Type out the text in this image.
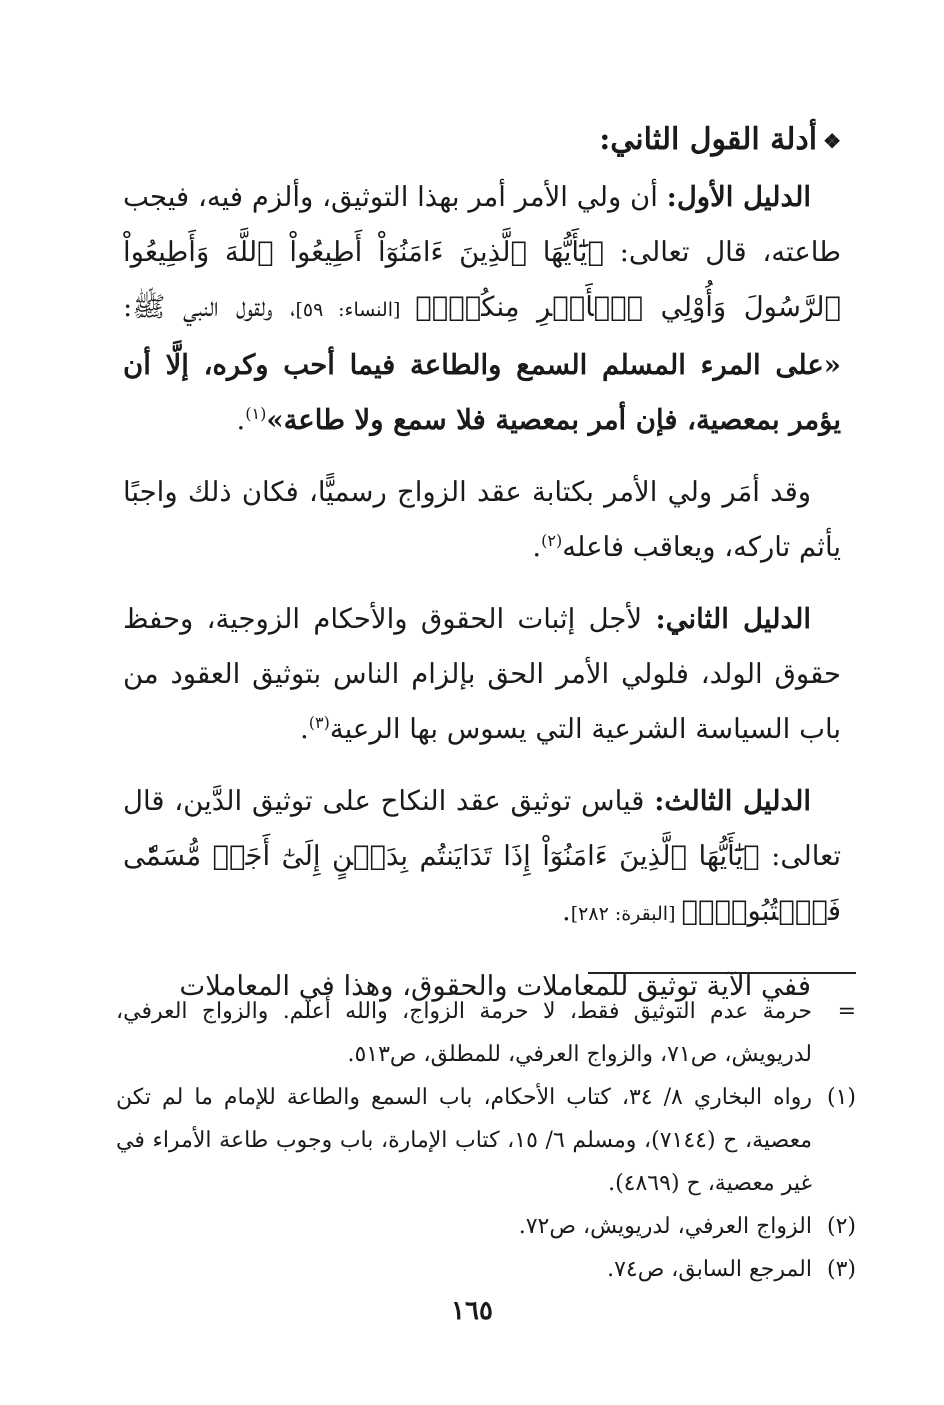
❖أدلة القول الثاني:

الدليل الأول: أن ولي الأمر أمر بهذا التوثيق، وألزم فيه، فيجب طاعته، قال تعالى: ﴿يَٰٓأَيُّهَا ٱلَّذِينَ ءَامَنُوٓاْ أَطِيعُواْ ٱللَّهَ وَأَطِيعُواْ ٱلرَّسُولَ وَأُوْلِي ٱلۡأَمۡرِ مِنكُمۡۖ﴾ [النساء: ٥٩]، ولقول النبي ﷺ: «على المرء المسلم السمع والطاعة فيما أحب وكره، إلَّا أن يؤمر بمعصية، فإن أمر بمعصية فلا سمع ولا طاعة»$^{(١)}$.

وقد أمَر ولي الأمر بكتابة عقد الزواج رسميًّا، فكان ذلك واجبًا يأثم تاركه، ويعاقب فاعله$^{(٢)}$.

الدليل الثاني: لأجل إثبات الحقوق والأحكام الزوجية، وحفظ حقوق الولد، فلولي الأمر الحق بإلزام الناس بتوثيق العقود من باب السياسة الشرعية التي يسوس بها الرعية$^{(٣)}$.

الدليل الثالث: قياس توثيق عقد النكاح على توثيق الدَّين، قال تعالى: ﴿يَٰٓأَيُّهَا ٱلَّذِينَ ءَامَنُوٓاْ إِذَا تَدَايَنتُم بِدَيۡنٍ إِلَىٰٓ أَجَلٖ مُّسَمّٗى فَٱكۡتُبُوهُۚ﴾ [البقرة: ٢٨٢].

ففي الآية توثيق للمعاملات والحقوق، وهذا في المعاملات

=
حرمة عدم التوثيق فقط، لا حرمة الزواج، والله أعلم. والزواج العرفي، لدريويش، ص٧١، والزواج العرفي، للمطلق، ص٥١٣.

(١)
رواه البخاري ٨/ ٣٤، كتاب الأحكام، باب السمع والطاعة للإمام ما لم تكن معصية، ح (٧١٤٤)، ومسلم ٦/ ١٥، كتاب الإمارة، باب وجوب طاعة الأمراء في غير معصية، ح (٤٨٦٩).

(٢)
الزواج العرفي، لدريويش، ص٧٢.

(٣)
المرجع السابق، ص٧٤.

١٦٥
